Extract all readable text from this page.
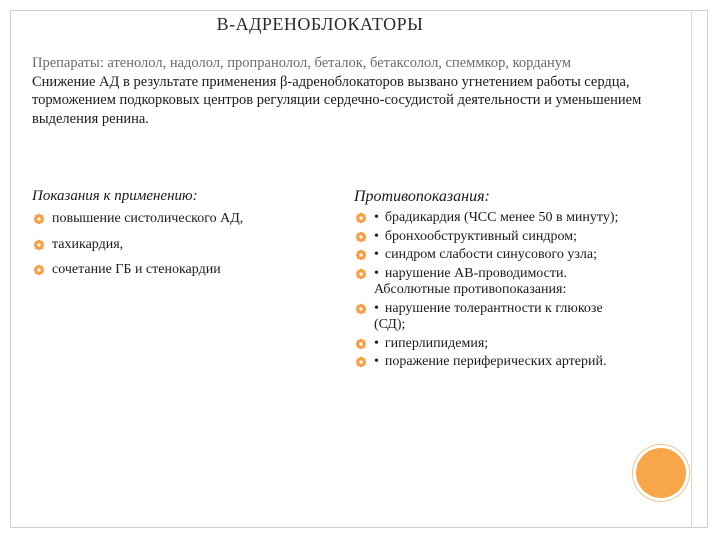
B-АДРЕНОБЛОКАТОРЫ
Препараты: атенолол, надолол, пропранолол, беталок, бетаксолол, спеммкор, корданум
Снижение АД в результате применения β-адреноблокаторов вызвано угнетением работы сердца, торможением подкорковых центров регуляции сердечно-сосудистой деятельности и уменьшением выделения ренина.
Показания к применению:
повышение систолического АД,
тахикардия,
сочетание ГБ и стенокардии
Противопоказания:
• брадикардия (ЧСС менее 50 в минуту);
• бронхообструктивный синдром;
• синдром слабости синусового узла;
• нарушение АВ-проводимости. Абсолютные противопоказания:
• нарушение толерантности к глюкозе (СД);
• гиперлипидемия;
• поражение периферических артерий.
